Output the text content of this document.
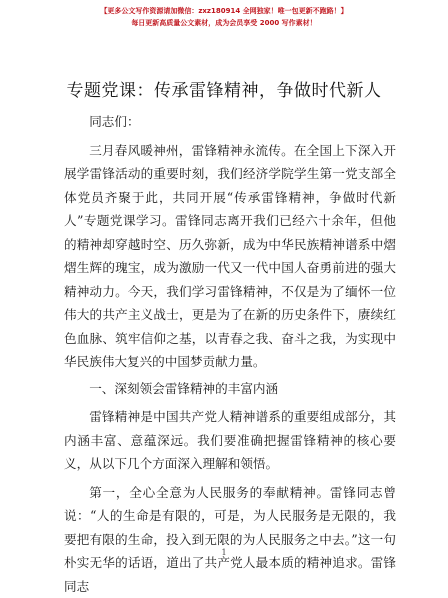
【更多公文写作资源请加微信：zxz180914 全网独家！唯一包更新不跑路！】
每日更新高质量公文素材，成为会员享受 2000 写作素材！
专题党课：传承雷锋精神，争做时代新人

同志们：

三月春风暖神州，雷锋精神永流传。在全国上下深入开展学雷锋活动的重要时刻，我们经济学院学生第一党支部全体党员齐聚于此，共同开展“传承雷锋精神，争做时代新人”专题党课学习。雷锋同志离开我们已经六十余年，但他的精神却穿越时空、历久弥新，成为中华民族精神谱系中熠熠生辉的瑰宝，成为激励一代又一代中国人奋勇前进的强大精神动力。今天，我们学习雷锋精神，不仅是为了缅怀一位伟大的共产主义战士，更是为了在新的历史条件下，赓续红色血脉、筑牢信仰之基，以青春之我、奋斗之我，为实现中华民族伟大复兴的中国梦贡献力量。

一、深刻领会雷锋精神的丰富内涵

雷锋精神是中国共产党人精神谱系的重要组成部分，其内涵丰富、意蕴深远。我们要准确把握雷锋精神的核心要义，从以下几个方面深入理解和领悟。

第一，全心全意为人民服务的奉献精神。雷锋同志曾说：“人的生命是有限的，可是，为人民服务是无限的，我要把有限的生命，投入到无限的为人民服务之中去。”这一句朴实无华的话语，道出了共产党人最本质的精神追求。雷锋同志

1
